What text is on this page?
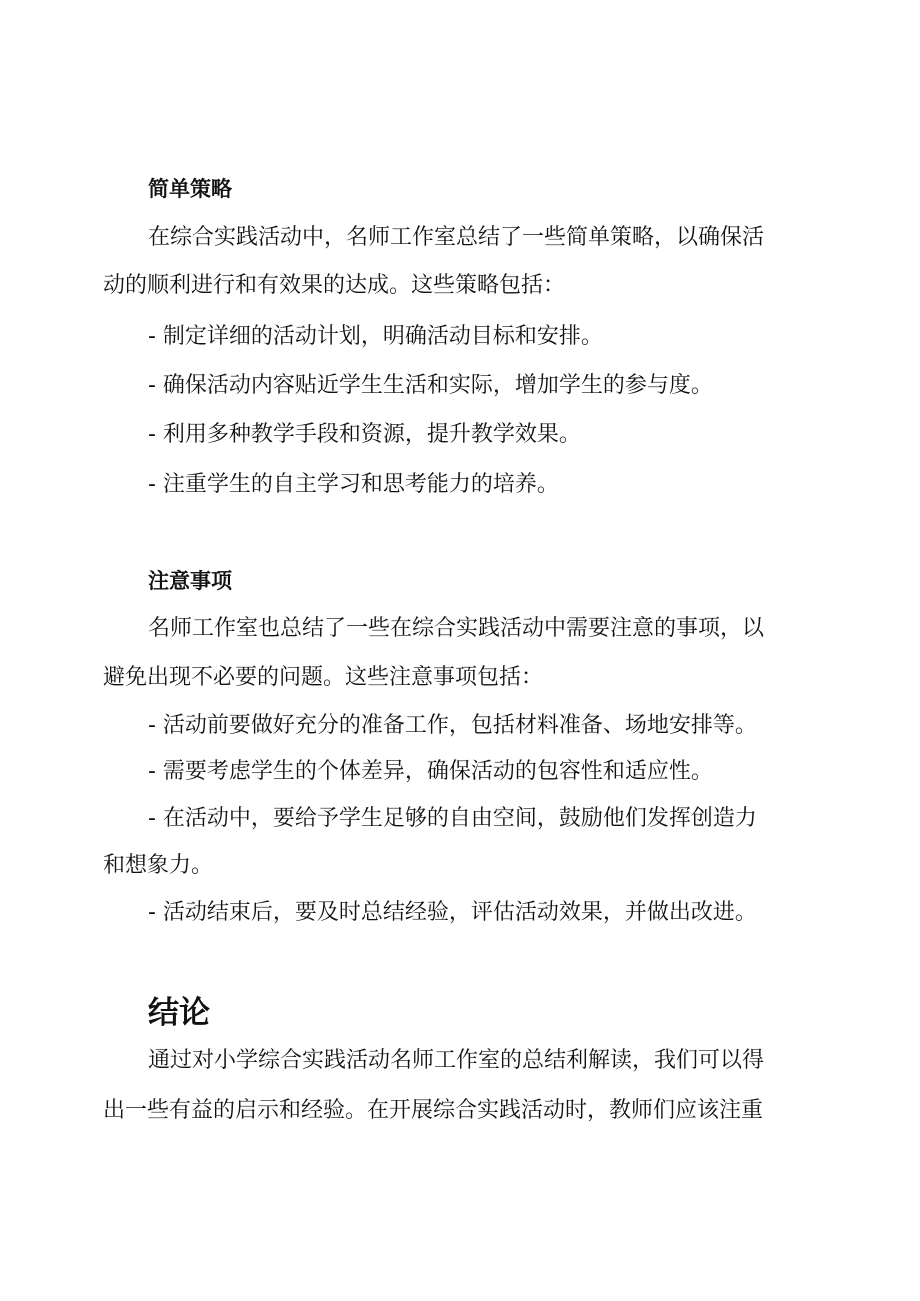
简单策略

在综合实践活动中，名师工作室总结了一些简单策略，以确保活

动的顺利进行和有效果的达成。这些策略包括：

- 制定详细的活动计划，明确活动目标和安排。

- 确保活动内容贴近学生生活和实际，增加学生的参与度。

- 利用多种教学手段和资源，提升教学效果。

- 注重学生的自主学习和思考能力的培养。

注意事项

名师工作室也总结了一些在综合实践活动中需要注意的事项，以

避免出现不必要的问题。这些注意事项包括：

- 活动前要做好充分的准备工作，包括材料准备、场地安排等。

- 需要考虑学生的个体差异，确保活动的包容性和适应性。

- 在活动中，要给予学生足够的自由空间，鼓励他们发挥创造力

和想象力。

- 活动结束后，要及时总结经验，评估活动效果，并做出改进。

结论

通过对小学综合实践活动名师工作室的总结利解读，我们可以得

出一些有益的启示和经验。在开展综合实践活动时，教师们应该注重
